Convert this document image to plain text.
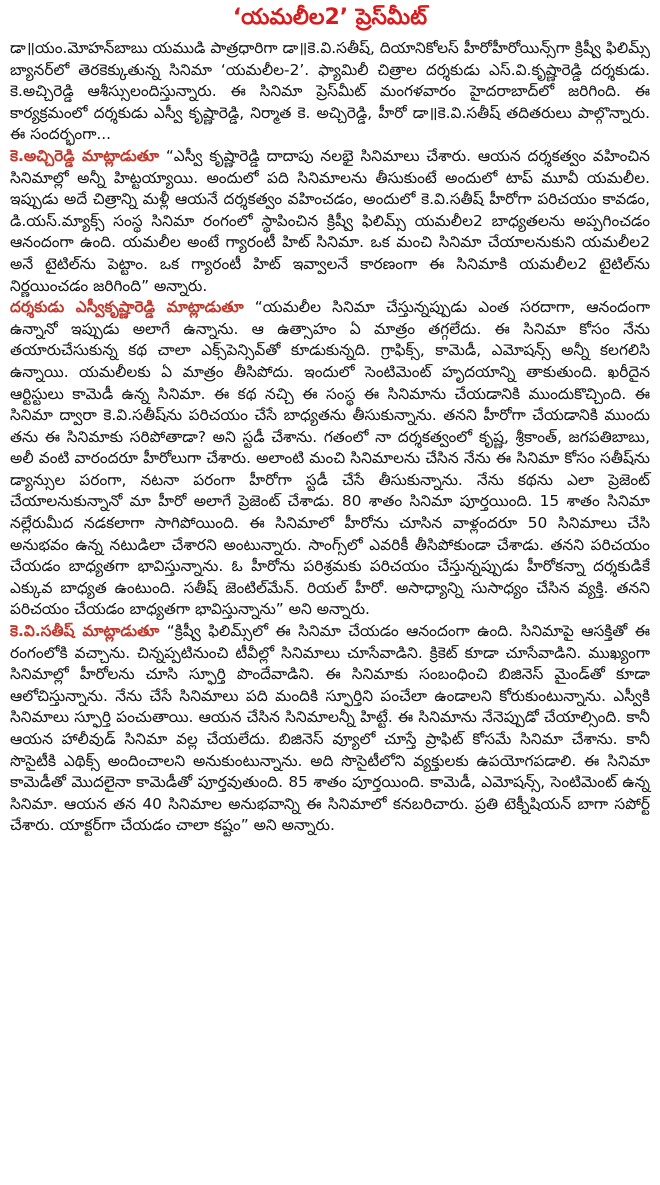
‘యమలీల2’ ప్రెస్‌మీట్

డా॥యం.మోహన్‌బాబు యముడి పాత్రధారిగా డా॥కె.వి.సతీష్‌, దియానికోలస్‌ హీరోహీరోయిన్స్‌గా క్రిష్వీ ఫిలిమ్స్‌ బ్యానర్‌లో తెరకెక్కుతున్న సినిమా ‘యమలీల-2’. ఫ్యామిలీ చిత్రాల దర్శకుడు ఎస్‌.వి.కృష్ణారెడ్డి దర్శకుడు. కె.అచ్చిరెడ్డి ఆశీస్సులందిస్తున్నారు. ఈ సినిమా ప్రెస్‌మీట్‌ మంగళవారం హైదరాబాద్‌లో జరిగింది. ఈ కార్యక్రమంలో దర్శకుడు ఎస్వీ కృష్ణారెడ్డి, నిర్మాత కె. అచ్చిరెడ్డి, హీరో డా॥కె.వి.సతీష్‌ తదితరులు పాల్గొన్నారు. ఈ సందర్భంగా...

కె.అచ్చిరెడ్డి మాట్లాడుతూ “ఎస్వీ కృష్ణారెడ్డి దాదాపు నలభై సినిమాలు చేశారు. ఆయన దర్శకత్వం వహించిన సినిమాల్లో అన్నీ హిట్టయ్యాయి. అందులో పది సినిమాలను తీసుకుంటే అందులో టాప్‌ మూవీ యమలీల. ఇప్పుడు అదే చిత్రాన్ని మళ్లీ ఆయనే దర్శకత్వం వహించడం, అందులో కె.వి.సతీష్‌ హీరోగా పరిచయం కావడం, డి.యస్‌.మ్యాక్స్‌ సంస్థ సినిమా రంగంలో స్థాపించిన క్రిష్వీ ఫిలిమ్స్‌ యమలీల2 బాధ్యతలను అప్పగించడం ఆనందంగా ఉంది. యమలీల అంటే గ్యారంటీ హిట్‌ సినిమా. ఒక మంచి సినిమా చేయాలనుకుని యమలీల2 అనే టైటిల్‌ను పెట్టాం. ఒక గ్యారంటీ హిట్‌ ఇవ్వాలనే కారణంగా ఈ సినిమాకి యమలీల2 టైటిల్‌ను నిర్ణయించడం జరిగింది” అన్నారు.

దర్శకుడు ఎస్వీకృష్ణారెడ్డి మాట్లాడుతూ “యమలీల సినిమా చేస్తున్నప్పుడు ఎంత సరదాగా, ఆనందంగా ఉన్నానో ఇప్పుడు అలాగే ఉన్నాను. ఆ ఉత్సాహం ఏ మాత్రం తగ్గలేదు. ఈ సినిమా కోసం నేను తయారుచేసుకున్న కథ చాలా ఎక్స్‌పెన్సివ్‌తో కూడుకున్నది. గ్రాఫిక్స్‌, కామెడీ, ఎమోషన్స్‌ అన్నీ కలగలిసి ఉన్నాయి. యమలీలకు ఏ మాత్రం తీసిపోదు. ఇందులో సెంటిమెంట్‌ హృదయాన్ని తాకుతుంది. ఖరీదైన ఆర్టిస్టులు కామెడీ ఉన్న సినిమా. ఈ కథ నచ్చి ఈ సంస్థ ఈ సినిమాను చేయడానికి ముందుకొచ్చింది. ఈ సినిమా ద్వారా కె.వి.సతీష్‌ను పరిచయం చేసే బాధ్యతను తీసుకున్నాను. తనని హీరోగా చేయడానికి ముందు తను ఈ సినిమాకు సరిపోతాడా? అని స్టడీ చేశాను. గతంలో నా దర్శకత్వంలో కృష్ణ, శ్రీకాంత్‌, జగపతిబాబు, అలీ వంటి వారందరూ హీరోలుగా చేశారు. అలాంటి మంచి సినిమాలను చేసిన నేను ఈ సినిమా కోసం సతీష్‌ను డ్యాన్సుల పరంగా, నటనా పరంగా హీరోగా స్టడీ చేసే తీసుకున్నాను. నేను కథను ఎలా ప్రెజెంట్‌ చేయాలనుకున్నానో మా హీరో అలాగే ప్రెజెంట్‌ చేశాడు. 80 శాతం సినిమా పూర్తయింది. 15 శాతం సినిమా నల్లేరుమీద నడకలాగా సాగిపోయింది. ఈ సినిమాలో హీరోను చూసిన వాళ్లందరూ 50 సినిమాలు చేసి అనుభవం ఉన్న నటుడిలా చేశారని అంటున్నారు. సాంగ్స్‌లో ఎవరికీ తీసిపోకుండా చేశాడు. తనని పరిచయం చేయడం బాధ్యతగా భావిస్తున్నాను. ఓ హీరోను పరిశ్రమకు పరిచయం చేస్తున్నప్పుడు హీరోకన్నా దర్శకుడికే ఎక్కువ బాధ్యత ఉంటుంది. సతీష్‌ జెంటిల్‌మేన్‌. రియల్‌ హీరో. అసాధ్యాన్ని సుసాధ్యం చేసిన వ్యక్తి. తనని పరిచయం చేయడం బాధ్యతగా భావిస్తున్నాను” అని అన్నారు.

కె.వి.సతీష్‌ మాట్లాడుతూ “క్రిష్వీ ఫిలిమ్స్‌లో ఈ సినిమా చేయడం ఆనందంగా ఉంది. సినిమాపై ఆసక్తితో ఈ రంగంలోకి వచ్చాను. చిన్నప్పటినుంచి టీవీల్లో సినిమాలు చూసేవాడిని. క్రికెట్‌ కూడా చూసేవాడిని. ముఖ్యంగా సినిమాల్లో హీరోలను చూసి స్ఫూర్తి పొందేవాడిని. ఈ సినిమాకు సంబంధించి బిజినెస్‌ మైండ్‌తో కూడా ఆలోచిస్తున్నాను. నేను చేసే సినిమాలు పది మందికి స్ఫూర్తిని పంచేలా ఉండాలని కోరుకుంటున్నాను. ఎస్వీకి సినిమాలు స్ఫూర్తి పంచుతాయి. ఆయన చేసిన సినిమాలన్నీ హిట్టే. ఈ సినిమాను నేనెప్పుడో చేయాల్సింది. కానీ ఆయన హాలీవుడ్‌ సినిమా వల్ల చేయలేదు. బిజినెస్‌ వ్యూలో చూస్తే ప్రాఫిట్‌ కోసమే సినిమా చేశాను. కానీ సొసైటీకి ఎథిక్స్‌ అందించాలని అనుకుంటున్నాను. అది సొసైటీలోని వ్యక్తులకు ఉపయోగపడాలి. ఈ సినిమా కామెడీతో మొదలైనా కామెడీతో పూర్తవుతుంది. 85 శాతం పూర్తయింది. కామెడీ, ఎమోషన్స్‌, సెంటిమెంట్‌ ఉన్న సినిమా. ఆయన తన 40 సినిమాల అనుభవాన్ని ఈ సినిమాలో కనబరిచారు. ప్రతి టెక్నీషియన్‌ బాగా సపోర్ట్‌ చేశారు. యాక్టర్‌గా చేయడం చాలా కష్టం” అని అన్నారు.
